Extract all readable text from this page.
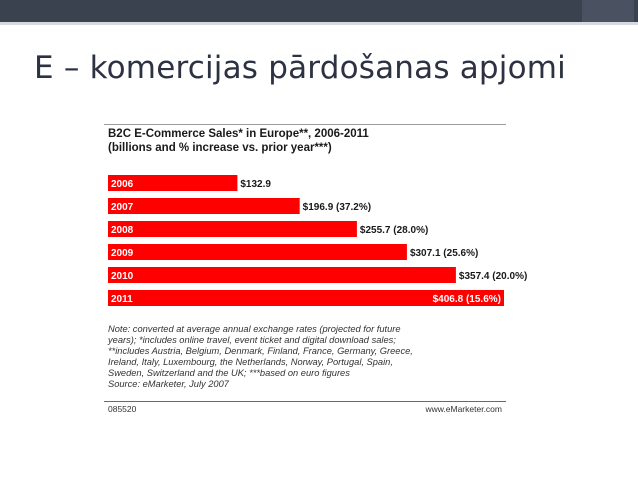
E – komercijas pārdošanas apjomi
B2C E-Commerce Sales* in Europe**, 2006-2011
(billions and % increase vs. prior year***)
2006	$132.9
2007	$196.9 (37.2%)
2008	$255.7 (28.0%)
2009	$307.1 (25.6%)
2010	$357.4 (20.0%)
2011	$406.8 (15.6%)
Note: converted at average annual exchange rates (projected for future
years); *includes online travel, event ticket and digital download sales;
**includes Austria, Belgium, Denmark, Finland, France, Germany, Greece,
Ireland, Italy, Luxembourg, the Netherlands, Norway, Portugal, Spain,
Sweden, Switzerland and the UK; ***based on euro figures
Source: eMarketer, July 2007
085520	www.eMarketer.com
